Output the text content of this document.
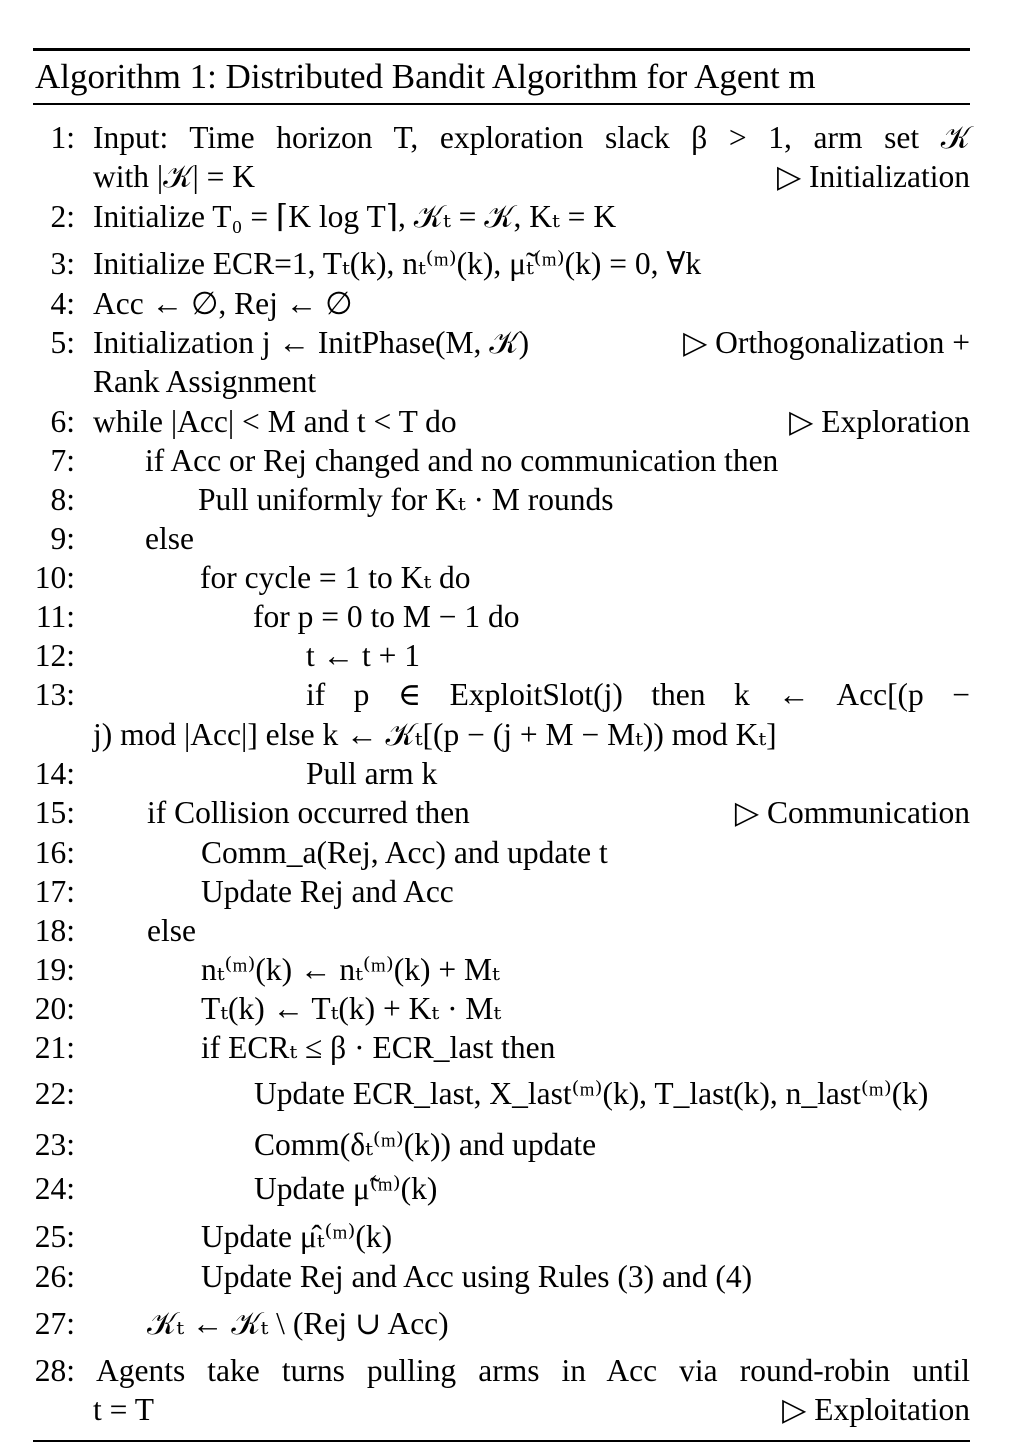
Algorithm 1: Distributed Bandit Algorithm for Agent m
1: Input: Time horizon T, exploration slack β > 1, arm set 𝒦
with |𝒦| = K	▷ Initialization
2: Initialize T₀ = ⌈K log T⌉, 𝒦ₜ = 𝒦, Kₜ = K
3: Initialize ECR=1, Tₜ(k), nₜ⁽ᵐ⁾(k), μ̃ₜ⁽ᵐ⁾(k) = 0, ∀k
4: Acc ← ∅, Rej ← ∅
5: Initialization j ← InitPhase(M, 𝒦)	▷ Orthogonalization +
Rank Assignment
6: while |Acc| < M and t < T do	▷ Exploration
7: if Acc or Rej changed and no communication then
8:	Pull uniformly for Kₜ · M rounds
9: else
10:	for cycle = 1 to Kₜ do
11:	for p = 0 to M − 1 do
12:	t ← t + 1
13:	if p ∈ ExploitSlot(j) then k ← Acc[(p −
j) mod |Acc|] else k ← 𝒦ₜ[(p − (j + M − Mₜ)) mod Kₜ]
14:	Pull arm k
15: if Collision occurred then	▷ Communication
16:	Comm_a(Rej, Acc) and update t
17:	Update Rej and Acc
18: else
19:	nₜ⁽ᵐ⁾(k) ← nₜ⁽ᵐ⁾(k) + Mₜ
20:	Tₜ(k) ← Tₜ(k) + Kₜ · Mₜ
21:	if ECRₜ ≤ β · ECR_last then
22:	Update ECR_last, X_last⁽ᵐ⁾(k), T_last(k), n_last⁽ᵐ⁾(k)
23:	Comm(δₜ⁽ᵐ⁾(k)) and update
24:	Update μ̃⁽ᵐ⁾(k)
25:	Update μ̂ₜ⁽ᵐ⁾(k)
26:	Update Rej and Acc using Rules (3) and (4)
27: 𝒦ₜ ← 𝒦ₜ \ (Rej ∪ Acc)
28: Agents take turns pulling arms in Acc via round-robin until
t = T	▷ Exploitation
